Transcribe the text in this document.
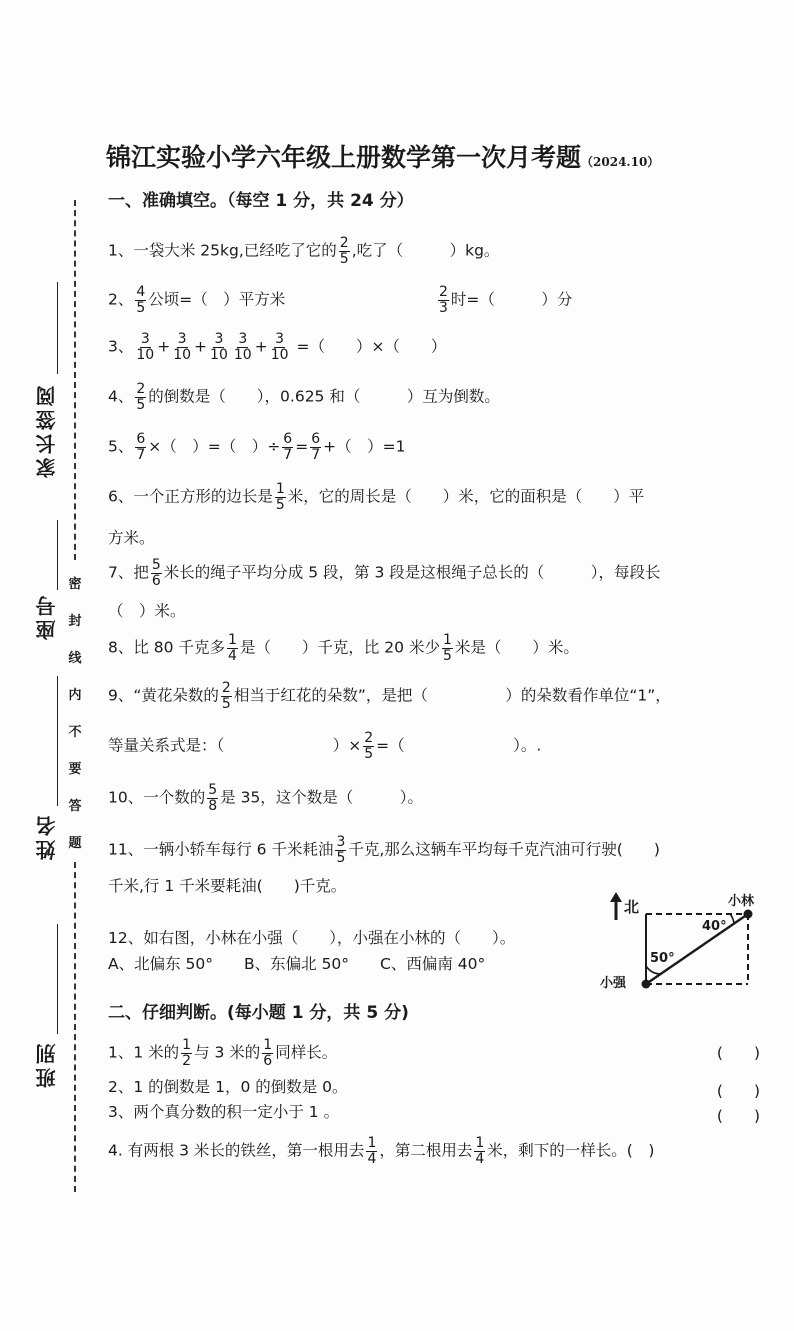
家长签阅
座号
姓名
班别
密
封
线
内
不
要
答
题
锦江实验小学六年级上册数学第一次月考题（2024.10）
一、准确填空。（每空 1 分，共 24 分）
1、一袋大米 25kg,已经吃了它的 $\frac{2}{5}$ ,吃了（　　　）kg。
2、 $\frac{4}{5}$ 公顷=（　）平方米	$\frac{2}{3}$ 时=（　　　）分
3、 $\frac{3}{10} + \frac{3}{10} + \frac{3}{10} \frac{3}{10} + \frac{3}{10}$ =（　　）×（　　）
4、 $\frac{2}{5}$ 的倒数是（　　），0.625 和（　　　）互为倒数。
5、 $\frac{6}{7}$ ×（　）=（　）÷ $\frac{6}{7} = \frac{6}{7}$ +（　）=1
6、一个正方形的边长是 $\frac{1}{5}$ 米，它的周长是（　　）米，它的面积是（　　）平
方米。
7、把 $\frac{5}{6}$ 米长的绳子平均分成 5 段，第 3 段是这根绳子总长的（　　　），每段长
（　）米。
8、比 80 千克多 $\frac{1}{4}$ 是（　　）千克，比 20 米少 $\frac{1}{5}$ 米是（　　）米。
9、“黄花朵数的 $\frac{2}{5}$ 相当于红花的朵数”，是把（　　　　　）的朵数看作单位“1”，
等量关系式是：（　　　　　　　）× $\frac{2}{5}$ =（　　　　　　　）。.
10、一个数的 $\frac{5}{8}$ 是 35，这个数是（　　　）。
11、一辆小轿车每行 6 千米耗油 $\frac{3}{5}$ 千克,那么这辆车平均每千克汽油可行驶(　　)
千米,行 1 千米要耗油(　　)千克。
12、如右图，小林在小强（　　），小强在小林的（　　）。
A、北偏东 50°　　B、东偏北 50°　　C、西偏南 40°
北	小林
小强
40°
50°
二、仔细判断。(每小题 1 分，共 5 分)
1、1 米的 $\frac{1}{2}$ 与 3 米的 $\frac{1}{6}$ 同样长。	(　　)
2、1 的倒数是 1，0 的倒数是 0。	(　　)
3、两个真分数的积一定小于 1 。	(　　)
4. 有两根 3 米长的铁丝，第一根用去 $\frac{1}{4}$ ，第二根用去 $\frac{1}{4}$ 米，剩下的一样长。(　)
